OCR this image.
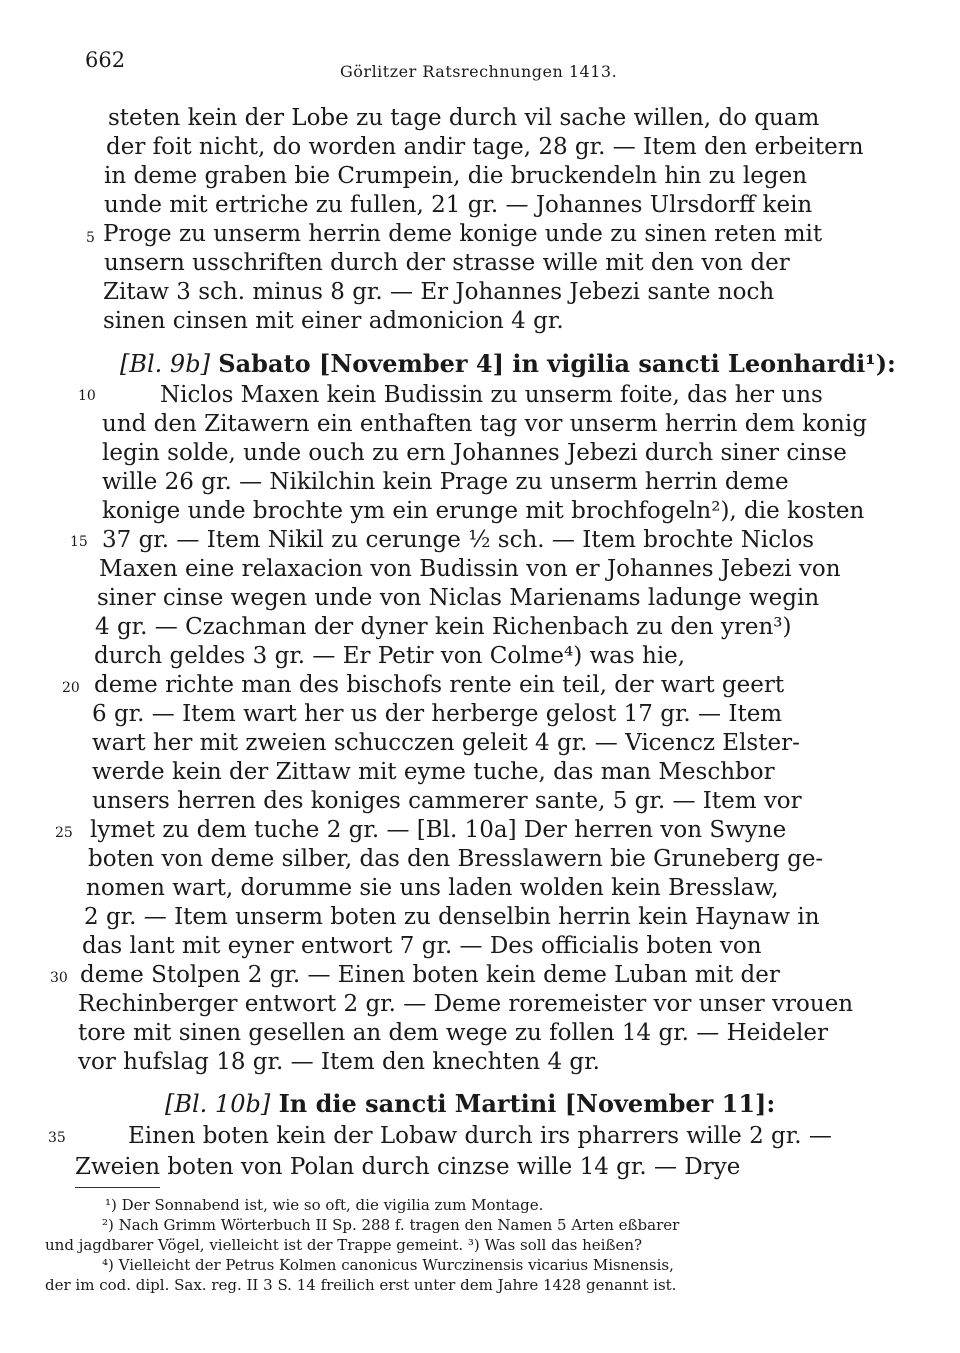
662	Görlitzer Ratsrechnungen 1413.
steten kein der Lobe zu tage durch vil sache willen, do quam
der foit nicht, do worden andir tage, 28 gr. — Item den erbeitern
in deme graben bie Crumpein, die bruckendeln hin zu legen
unde mit ertriche zu fullen, 21 gr. — Johannes Ulrsdorff kein
Proge zu unserm herrin deme konige unde zu sinen reten mit
unsern usschriften durch der strasse wille mit den von der
Zitaw 3 sch. minus 8 gr. — Er Johannes Jebezi sante noch
sinen cinsen mit einer admonicion 4 gr.
[Bl. 9b] Sabato [November 4] in vigilia sancti Leonhardi¹):
Niclos Maxen kein Budissin zu unserm foite, das her uns
und den Zitawern ein enthaften tag vor unserm herrin dem konig
legin solde, unde ouch zu ern Johannes Jebezi durch siner cinse
wille 26 gr. — Nikilchin kein Prage zu unserm herrin deme
konige unde brochte ym ein erunge mit brochfogeln²), die kosten
37 gr. — Item Nikil zu cerunge ½ sch. — Item brochte Niclos
Maxen eine relaxacion von Budissin von er Johannes Jebezi von
siner cinse wegen unde von Niclas Marienams ladunge wegin
4 gr. — Czachman der dyner kein Richenbach zu den yren³)
durch geldes 3 gr. — Er Petir von Colme⁴) was hie,
deme richte man des bischofs rente ein teil, der wart geert
6 gr. — Item wart her us der herberge gelost 17 gr. — Item
wart her mit zweien schucczen geleit 4 gr. — Vicencz Elster-
werde kein der Zittaw mit eyme tuche, das man Meschbor
unsers herren des koniges cammerer sante, 5 gr. — Item vor
lymet zu dem tuche 2 gr. — [Bl. 10a] Der herren von Swyne
boten von deme silber, das den Bresslawern bie Gruneberg ge-
nomen wart, dorumme sie uns laden wolden kein Bresslaw,
2 gr. — Item unserm boten zu denselbin herrin kein Haynaw in
das lant mit eyner entwort 7 gr. — Des officialis boten von
deme Stolpen 2 gr. — Einen boten kein deme Luban mit der
Rechinberger entwort 2 gr. — Deme roremeister vor unser vrouen
tore mit sinen gesellen an dem wege zu follen 14 gr. — Heideler
vor hufslag 18 gr. — Item den knechten 4 gr.
[Bl. 10b] In die sancti Martini [November 11]:
Einen boten kein der Lobaw durch irs pharrers wille 2 gr. —
Zweien boten von Polan durch cinzse wille 14 gr. — Drye
5
10
15
20
25
30
35
¹) Der Sonnabend ist, wie so oft, die vigilia zum Montage.
²) Nach Grimm Wörterbuch II Sp. 288 f. tragen den Namen 5 Arten eßbarer
und jagdbarer Vögel, vielleicht ist der Trappe gemeint. ³) Was soll das heißen?
⁴) Vielleicht der Petrus Kolmen canonicus Wurczinensis vicarius Misnensis,
der im cod. dipl. Sax. reg. II 3 S. 14 freilich erst unter dem Jahre 1428 genannt ist.
